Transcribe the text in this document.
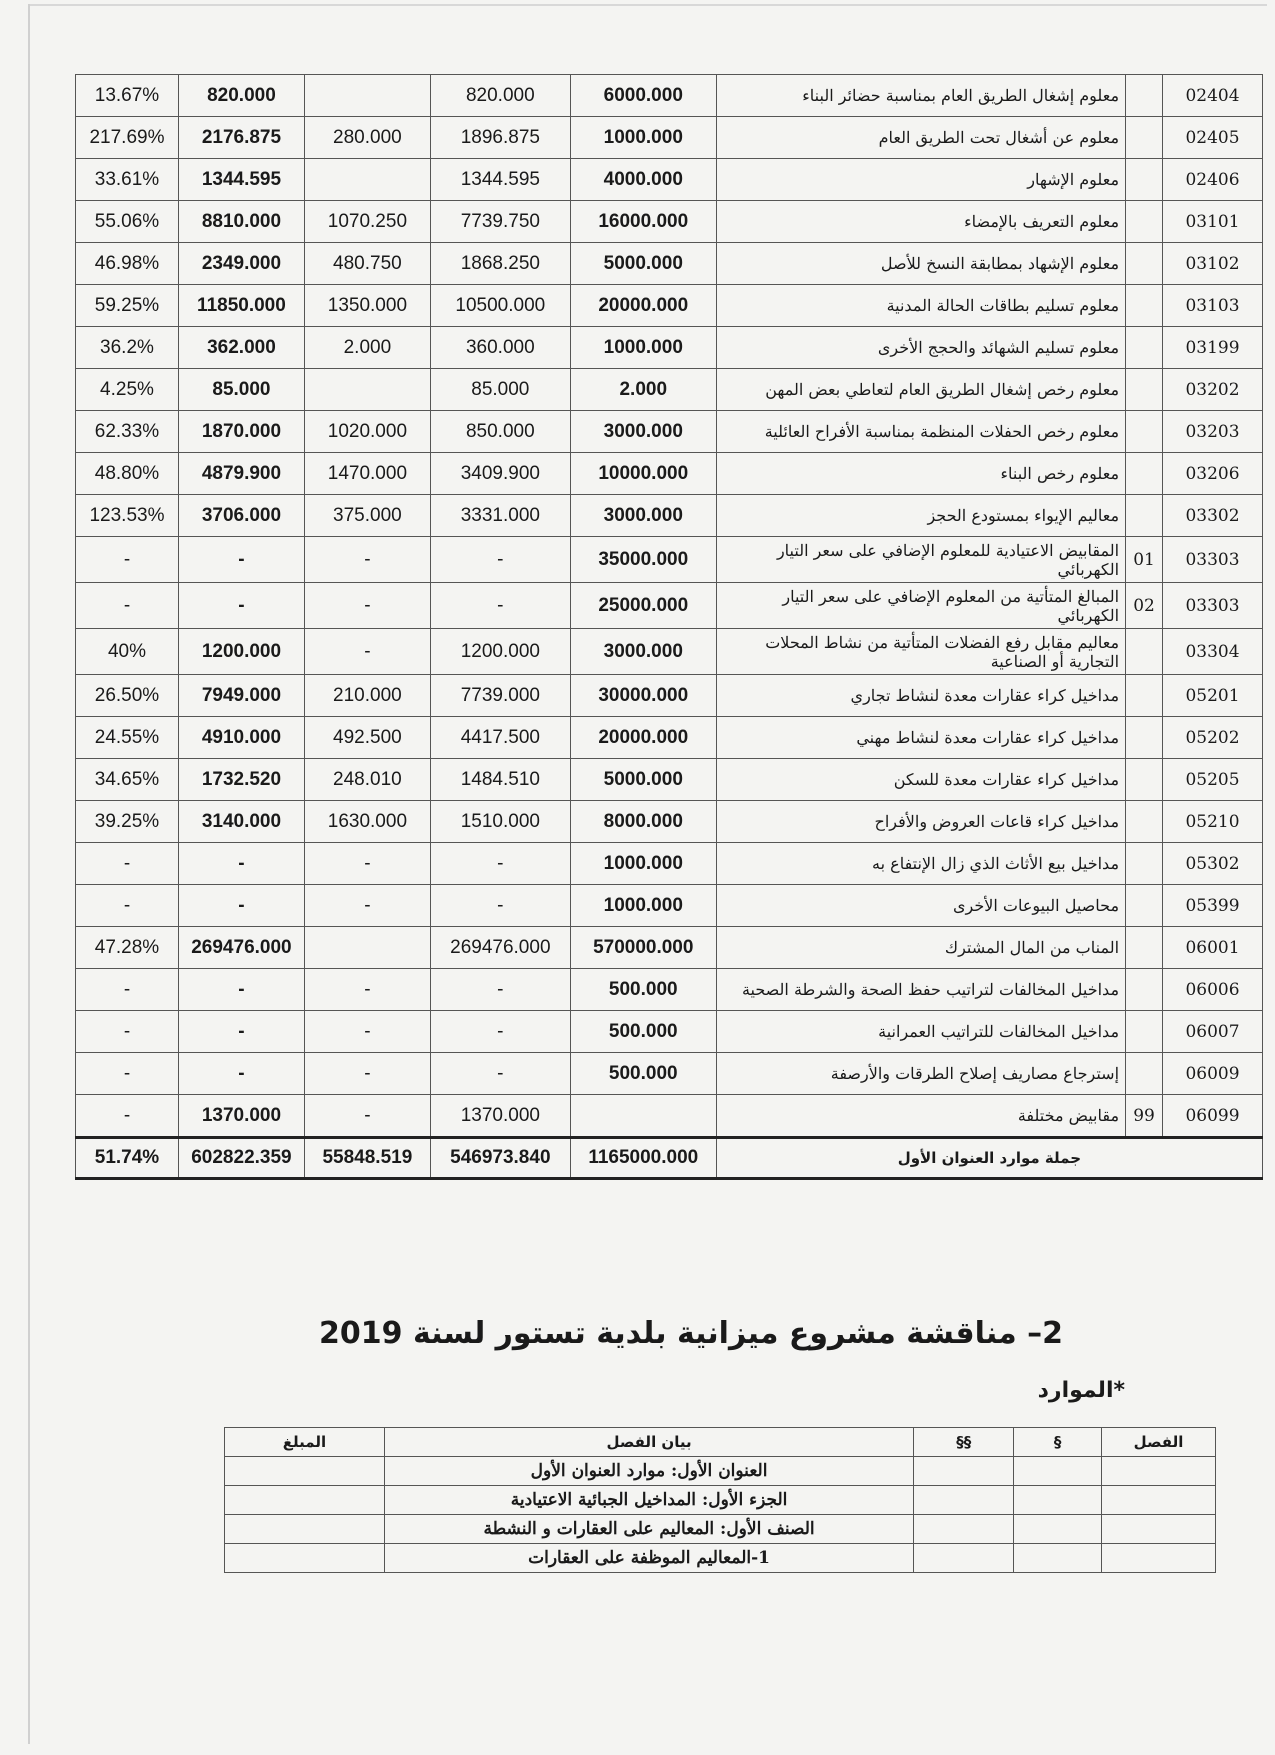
13.67%	820.000		820.000	6000.000	معلوم إشغال الطريق العام بمناسبة حضائر البناء		02404
217.69%	2176.875	280.000	1896.875	1000.000	معلوم عن أشغال تحت الطريق العام		02405
33.61%	1344.595		1344.595	4000.000	معلوم الإشهار		02406
55.06%	8810.000	1070.250	7739.750	16000.000	معلوم التعريف بالإمضاء		03101
46.98%	2349.000	480.750	1868.250	5000.000	معلوم الإشهاد بمطابقة النسخ للأصل		03102
59.25%	11850.000	1350.000	10500.000	20000.000	معلوم تسليم بطاقات الحالة المدنية		03103
36.2%	362.000	2.000	360.000	1000.000	معلوم تسليم الشهائد والحجج الأخرى		03199
4.25%	85.000		85.000	2.000	معلوم رخص إشغال الطريق العام لتعاطي بعض المهن		03202
62.33%	1870.000	1020.000	850.000	3000.000	معلوم رخص الحفلات المنظمة بمناسبة الأفراح العائلية		03203
48.80%	4879.900	1470.000	3409.900	10000.000	معلوم رخص البناء		03206
123.53%	3706.000	375.000	3331.000	3000.000	معاليم الإيواء بمستودع الحجز		03302
-	-	-	-	35000.000	المقابيض الاعتيادية للمعلوم الإضافي على سعر التيار الكهربائي	01	03303
-	-	-	-	25000.000	المبالغ المتأتية من المعلوم الإضافي على سعر التيار الكهربائي	02	03303
40%	1200.000	-	1200.000	3000.000	معاليم مقابل رفع الفضلات المتأتية من نشاط المحلات التجارية أو الصناعية		03304
26.50%	7949.000	210.000	7739.000	30000.000	مداخيل كراء عقارات معدة لنشاط تجاري		05201
24.55%	4910.000	492.500	4417.500	20000.000	مداخيل كراء عقارات معدة لنشاط مهني		05202
34.65%	1732.520	248.010	1484.510	5000.000	مداخيل كراء عقارات معدة للسكن		05205
39.25%	3140.000	1630.000	1510.000	8000.000	مداخيل كراء قاعات العروض والأفراح		05210
-	-	-	-	1000.000	مداخيل بيع الأثاث الذي زال الإنتفاع به		05302
-	-	-	-	1000.000	محاصيل البيوعات الأخرى		05399
47.28%	269476.000		269476.000	570000.000	المناب من المال المشترك		06001
-	-	-	-	500.000	مداخيل المخالفات لتراتيب حفظ الصحة والشرطة الصحية		06006
-	-	-	-	500.000	مداخيل المخالفات للتراتيب العمرانية		06007
-	-	-	-	500.000	إسترجاع مصاريف إصلاح الطرقات والأرصفة		06009
-	1370.000	-	1370.000		مقابيض مختلفة	99	06099
51.74%	602822.359	55848.519	546973.840	1165000.000	جملة موارد العنوان الأول		
2– مناقشة مشروع ميزانية بلدية تستور لسنة 2019
*الموارد
المبلغ	بيان الفصل	§§	§	الفصل
	العنوان الأول: موارد العنوان الأول			
	الجزء الأول: المداخيل الجبائية الاعتيادية			
	الصنف الأول: المعاليم على العقارات و النشطة			
	1-المعاليم الموظفة على العقارات			
